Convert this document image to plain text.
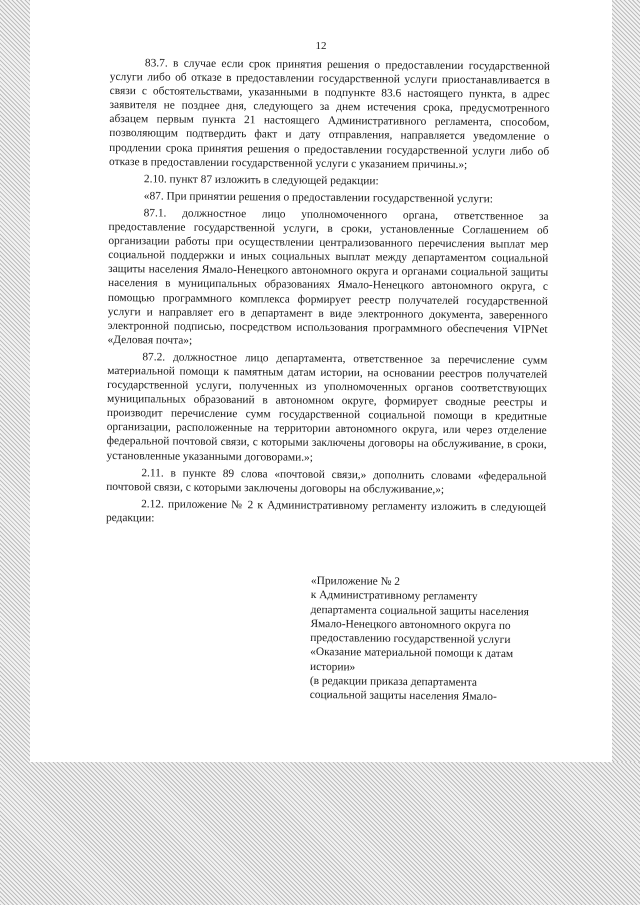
12

83.7. в случае если срок принятия решения о предоставлении государственной услуги либо об отказе в предоставлении государственной услуги приостанавливается в связи с обстоятельствами, указанными в подпункте 83.6 настоящего пункта, в адрес заявителя не позднее дня, следующего за днем истечения срока, предусмотренного абзацем первым пункта 21 настоящего Административного регламента, способом, позволяющим подтвердить факт и дату отправления, направляется уведомление о продлении срока принятия решения о предоставлении государственной услуги либо об отказе в предоставлении государственной услуги с указанием причины.»;

2.10. пункт 87 изложить в следующей редакции:

«87. При принятии решения о предоставлении государственной услуги:

87.1. должностное лицо уполномоченного органа, ответственное за предоставление государственной услуги, в сроки, установленные Соглашением об организации работы при осуществлении централизованного перечисления выплат мер социальной поддержки и иных социальных выплат между департаментом социальной защиты населения Ямало-Ненецкого автономного округа и органами социальной защиты населения в муниципальных образованиях Ямало-Ненецкого автономного округа, с помощью программного комплекса формирует реестр получателей государственной услуги и направляет его в департамент в виде электронного документа, заверенного электронной подписью, посредством использования программного обеспечения VIPNet «Деловая почта»;

87.2. должностное лицо департамента, ответственное за перечисление сумм материальной помощи к памятным датам истории, на основании реестров получателей государственной услуги, полученных из уполномоченных органов соответствующих муниципальных образований в автономном округе, формирует сводные реестры и производит перечисление сумм государственной социальной помощи в кредитные организации, расположенные на территории автономного округа, или через отделение федеральной почтовой связи, с которыми заключены договоры на обслуживание, в сроки, установленные указанными договорами.»;

2.11. в пункте 89 слова «почтовой связи,» дополнить словами «федеральной почтовой связи, с которыми заключены договоры на обслуживание,»;

2.12. приложение № 2 к Административному регламенту изложить в следующей редакции:

«Приложение № 2

к Административному регламенту

департамента социальной защиты населения

Ямало-Ненецкого автономного округа по

предоставлению государственной услуги

«Оказание материальной помощи к датам

истории»

(в редакции приказа департамента

социальной защиты населения Ямало-
